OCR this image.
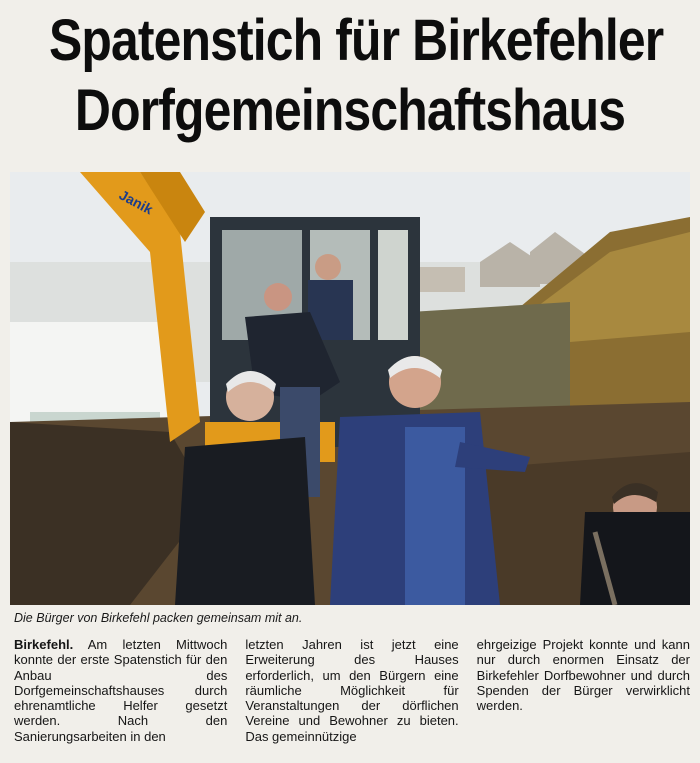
Spatenstich für Birkefehler
Dorfgemeinschaftshaus
Janik
Die Bürger von Birkefehl packen gemeinsam mit an.
Birkefehl. Am letzten Mittwoch konnte der erste Spatenstich für den Anbau des Dorfgemeinschaftshauses durch ehrenamtliche Helfer gesetzt werden. Nach den Sanierungsarbeiten in den
letzten Jahren ist jetzt eine Erweiterung des Hauses erforderlich, um den Bürgern eine räumliche Möglichkeit für Veranstaltungen der dörflichen Vereine und Bewohner zu bieten. Das gemeinnützige
ehrgeizige Projekt konnte und kann nur durch enormen Einsatz der Birkefehler Dorfbewohner und durch Spenden der Bürger verwirklicht werden.
